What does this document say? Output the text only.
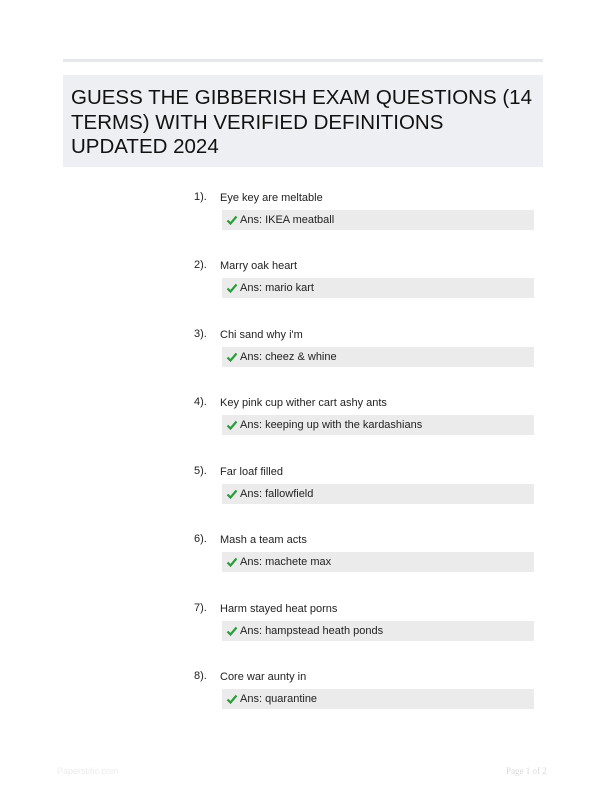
GUESS THE GIBBERISH EXAM QUESTIONS (14 TERMS) WITH VERIFIED DEFINITIONS UPDATED 2024
1). Eye key are meltable
Ans: IKEA meatball
2). Marry oak heart
Ans: mario kart
3). Chi sand why i'm
Ans: cheez & whine
4). Key pink cup wither cart ashy ants
Ans: keeping up with the kardashians
5). Far loaf filled
Ans: fallowfield
6). Mash a team acts
Ans: machete max
7). Harm stayed heat porns
Ans: hampstead heath ponds
8). Core war aunty in
Ans: quarantine
Paperstitic.com	Page 1 of 2
